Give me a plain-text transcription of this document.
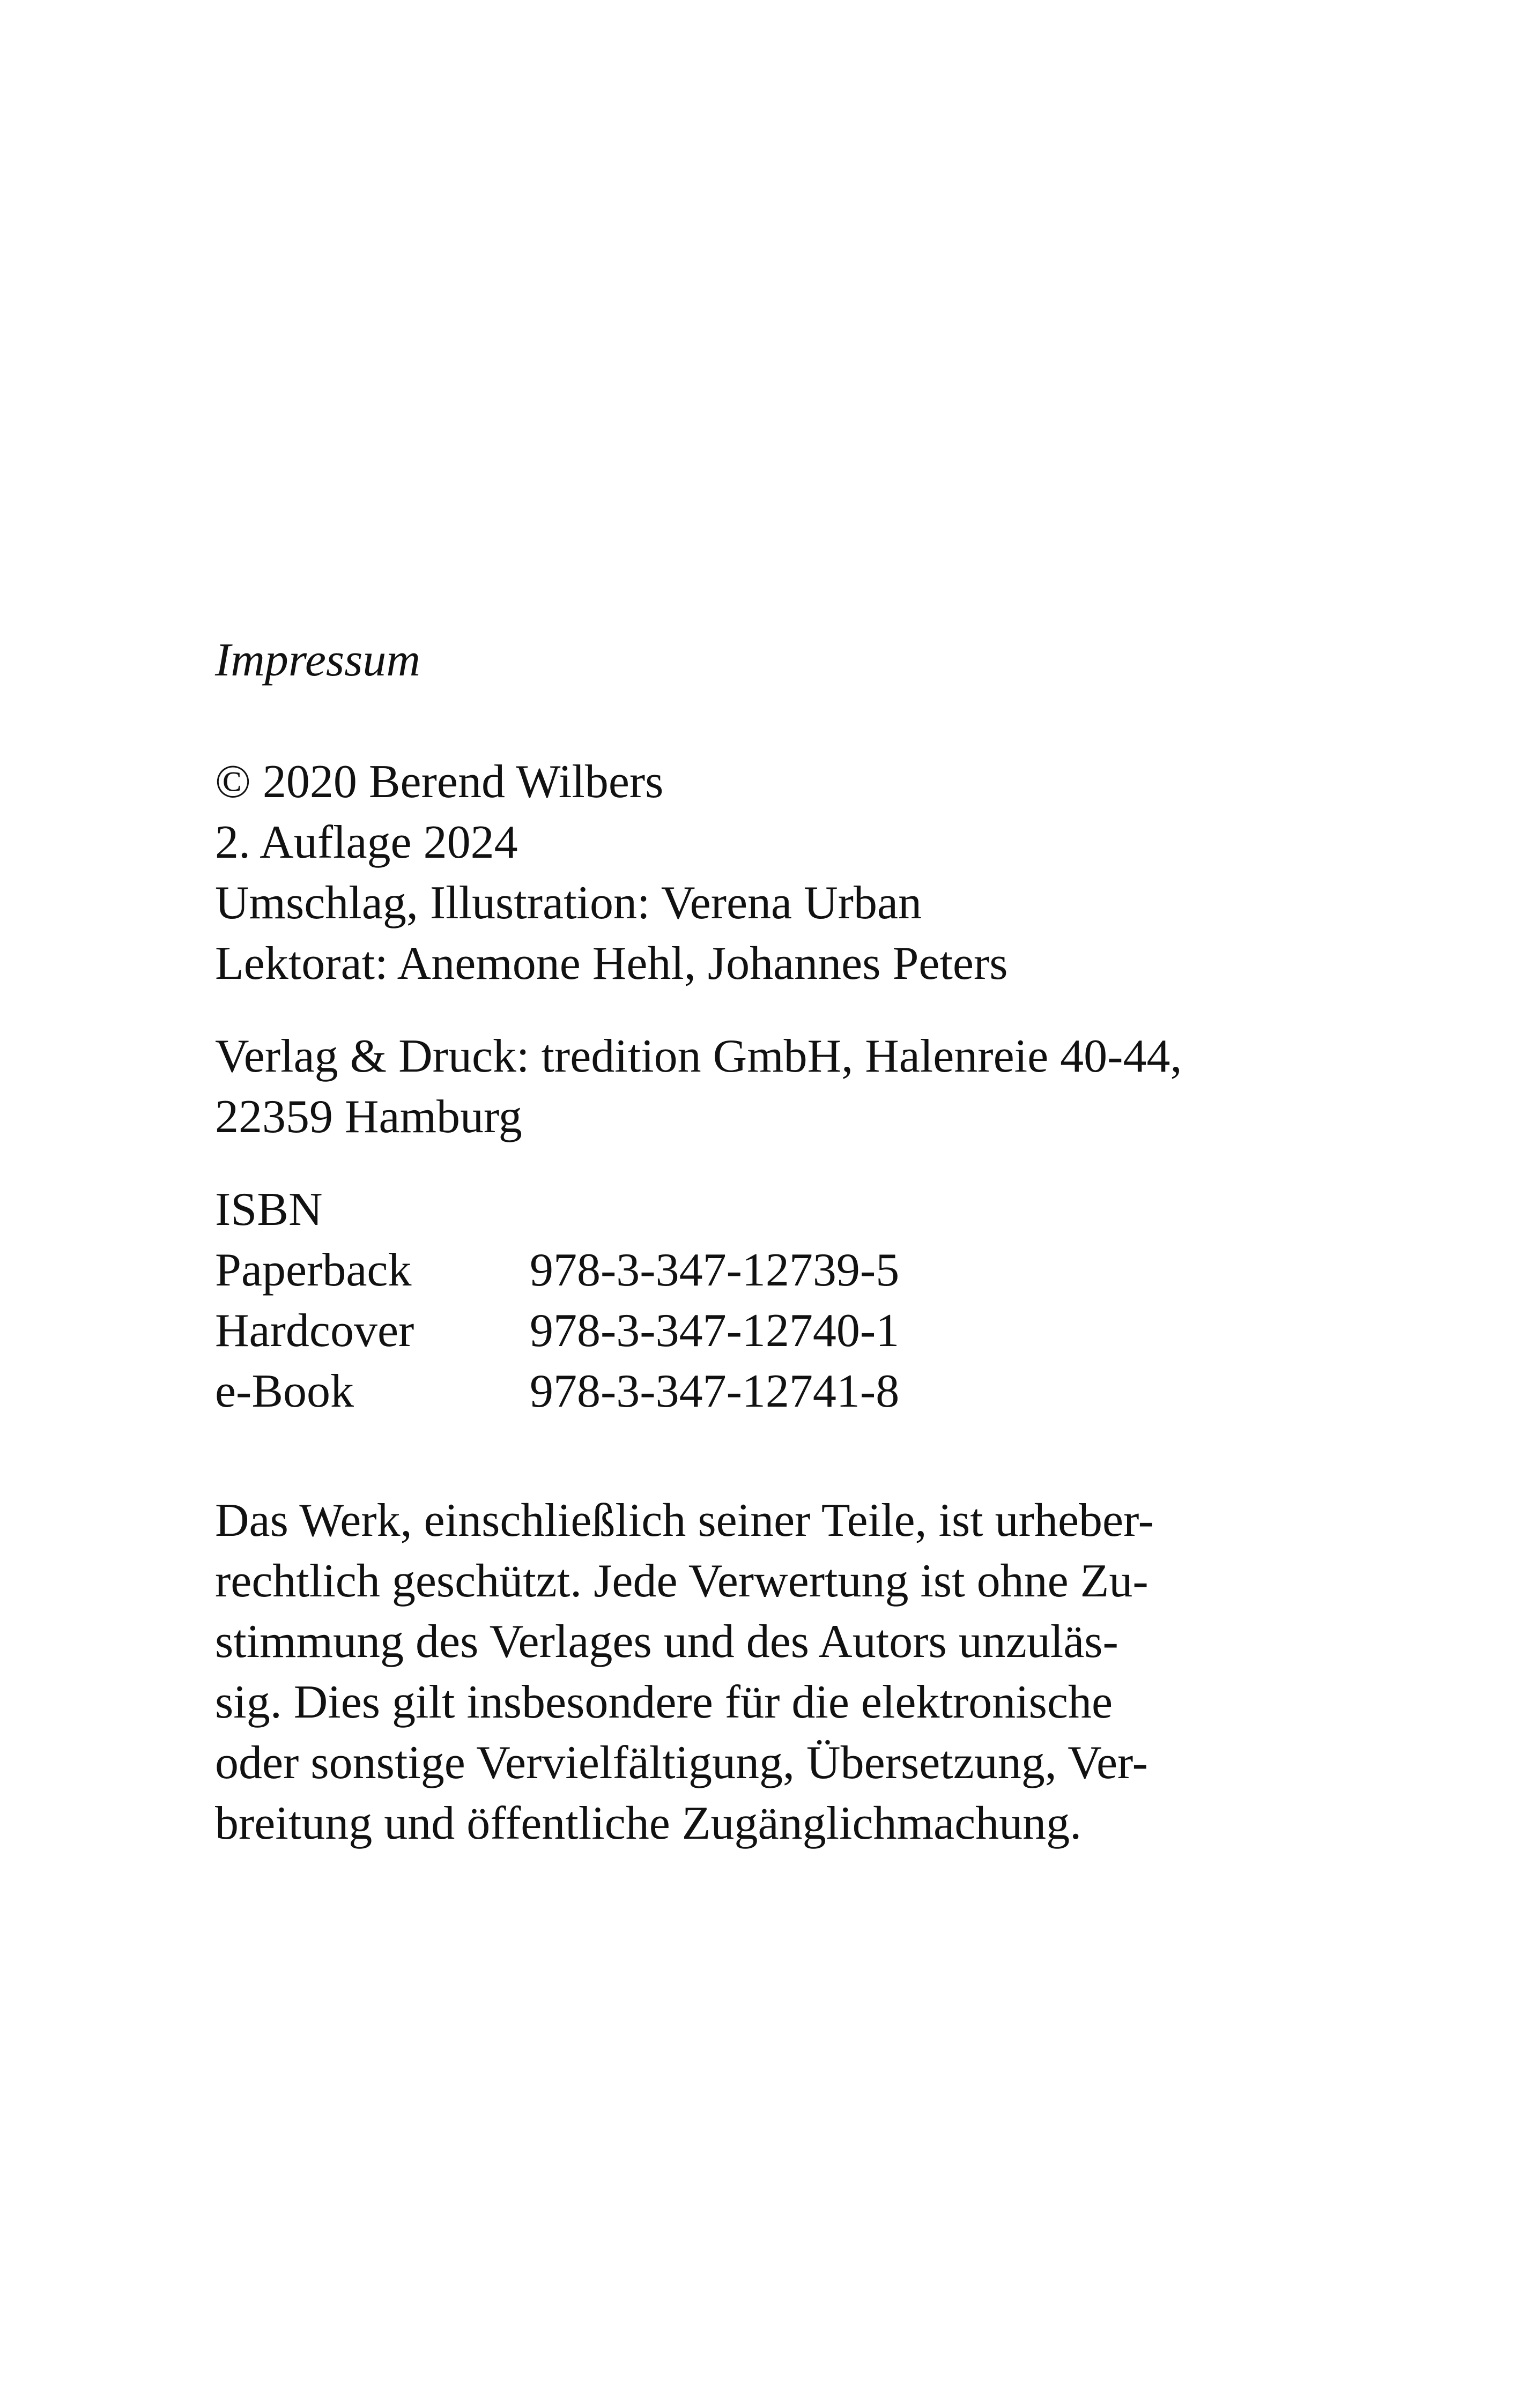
Impressum
© 2020 Berend Wilbers
2. Auflage 2024
Umschlag, Illustration: Verena Urban
Lektorat: Anemone Hehl, Johannes Peters
Verlag & Druck: tredition GmbH, Halenreie 40-44,
22359 Hamburg
ISBN
Paperback	978-3-347-12739-5
Hardcover	978-3-347-12740-1
e-Book	978-3-347-12741-8
Das Werk, einschließlich seiner Teile, ist urheber-
rechtlich geschützt. Jede Verwertung ist ohne Zu-
stimmung des Verlages und des Autors unzuläs-
sig. Dies gilt insbesondere für die elektronische
oder sonstige Vervielfältigung, Übersetzung, Ver-
breitung und öffentliche Zugänglichmachung.
